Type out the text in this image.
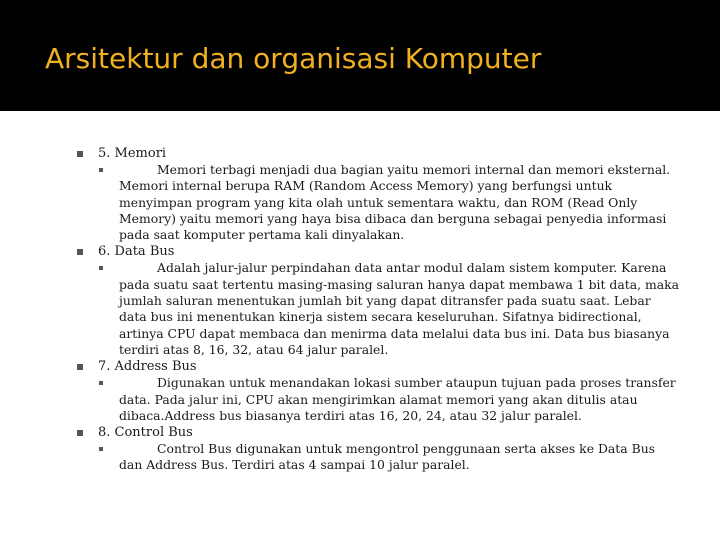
Arsitektur dan organisasi Komputer
5. Memori

Memori terbagi menjadi dua bagian yaitu memori internal dan memori eksternal. Memori internal berupa RAM (Random Access Memory) yang berfungsi untuk menyimpan program yang kita olah untuk sementara waktu, dan ROM (Read Only Memory) yaitu memori yang haya bisa dibaca dan berguna sebagai penyedia informasi pada saat komputer pertama kali dinyalakan.

6. Data Bus

Adalah jalur-jalur perpindahan data antar modul dalam sistem komputer. Karena pada suatu saat tertentu masing-masing saluran hanya dapat membawa 1 bit data, maka jumlah saluran menentukan jumlah bit yang dapat ditransfer pada suatu saat. Lebar data bus ini menentukan kinerja sistem secara keseluruhan. Sifatnya bidirectional, artinya CPU dapat membaca dan menirma data melalui data bus ini. Data bus biasanya terdiri atas 8, 16, 32, atau 64 jalur paralel.

7. Address Bus

Digunakan untuk menandakan lokasi sumber ataupun tujuan pada proses transfer data. Pada jalur ini, CPU akan mengirimkan alamat memori yang akan ditulis atau dibaca.Address bus biasanya terdiri atas 16, 20, 24, atau 32 jalur paralel.

8. Control Bus

Control Bus digunakan untuk mengontrol penggunaan serta akses ke Data Bus dan Address Bus. Terdiri atas 4 sampai 10 jalur paralel.
